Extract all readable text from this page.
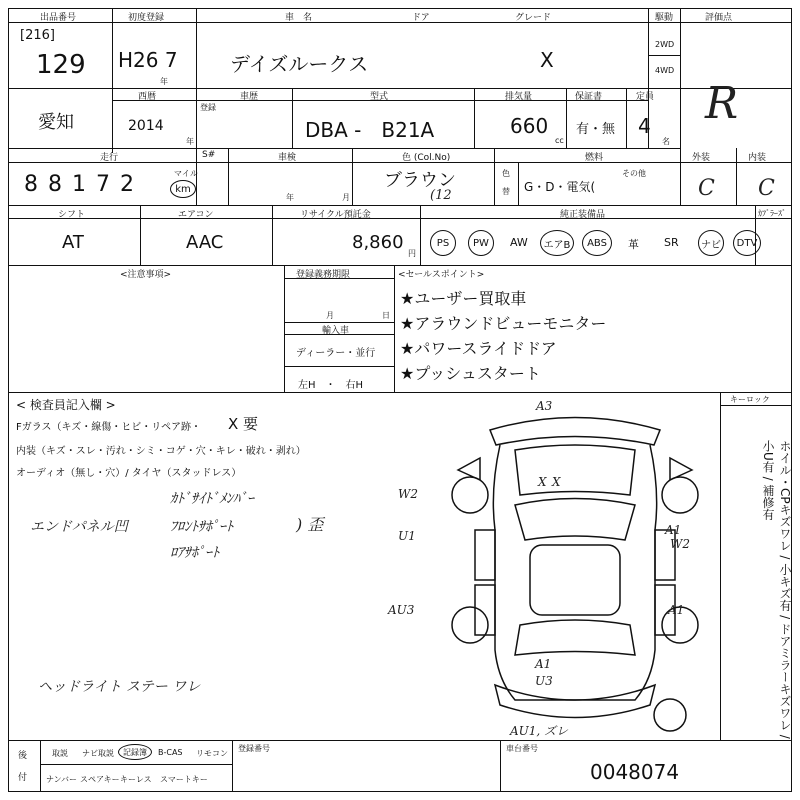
出品番号
[216]
129
初度登録
H26 7
年
車　名
デイズルークス
ドア	グレード
X
駆動
2WD
4WD
評価点
R
愛知
西暦
2014
年
車歴
登録
型式
DBA -　B21A
排気量
660
cc
保証書
有・無
定員
4
名
走行
88172	マイル
km
S#	車検
年	月
色 (Col.No)
ブラウン
(12
色
替
燃料
G・D・電気(
その他
外装
C
内装
C
シフト
AT
エアコン
AAC
リサイクル預託金
8,860
円
純正装備品	ｶﾌﾞﾗｰｽﾞ
PS PW AW エアB ABS 革 SR ナビ DTV
<注意事項>	登録義務期限
月	日
輸入車
ディーラー・並行
左H　・　右H
<セールスポイント>
★ユーザー買取車
★アラウンドビューモニター
★パワースライドドア
★プッシュスタート
キーロック
ホイル・CPキズワレ / 小キズ有 / ドアミラーキズワレ / 小U有 / 補修有
< 検査員記入欄 >
Fガラス（キズ・線傷・ヒビ・リペア跡・ X 要
内装（キズ・スレ・汚れ・シミ・コゲ・穴・キレ・破れ・剥れ）
オーディオ（無し・穴）/ タイヤ（スタッドレス）
エンドパネル凹
ｶﾄﾞｻｲﾄﾞﾒﾝﾊﾞｰ
ﾌﾛﾝﾄｻﾎﾟｰﾄ
ﾛｱｻﾎﾟｰﾄ
) 歪
ヘッドライト ステー ワレ
A3
W2
X X
U1	A1
W2
AU3	A1
A1
U3
AU1, ズレ
後
付
取説 ナビ取説 記録簿 B-CAS リモコン
ナンバー スペアキー キーレス スマートキー
登録番号	車台番号
0048074
